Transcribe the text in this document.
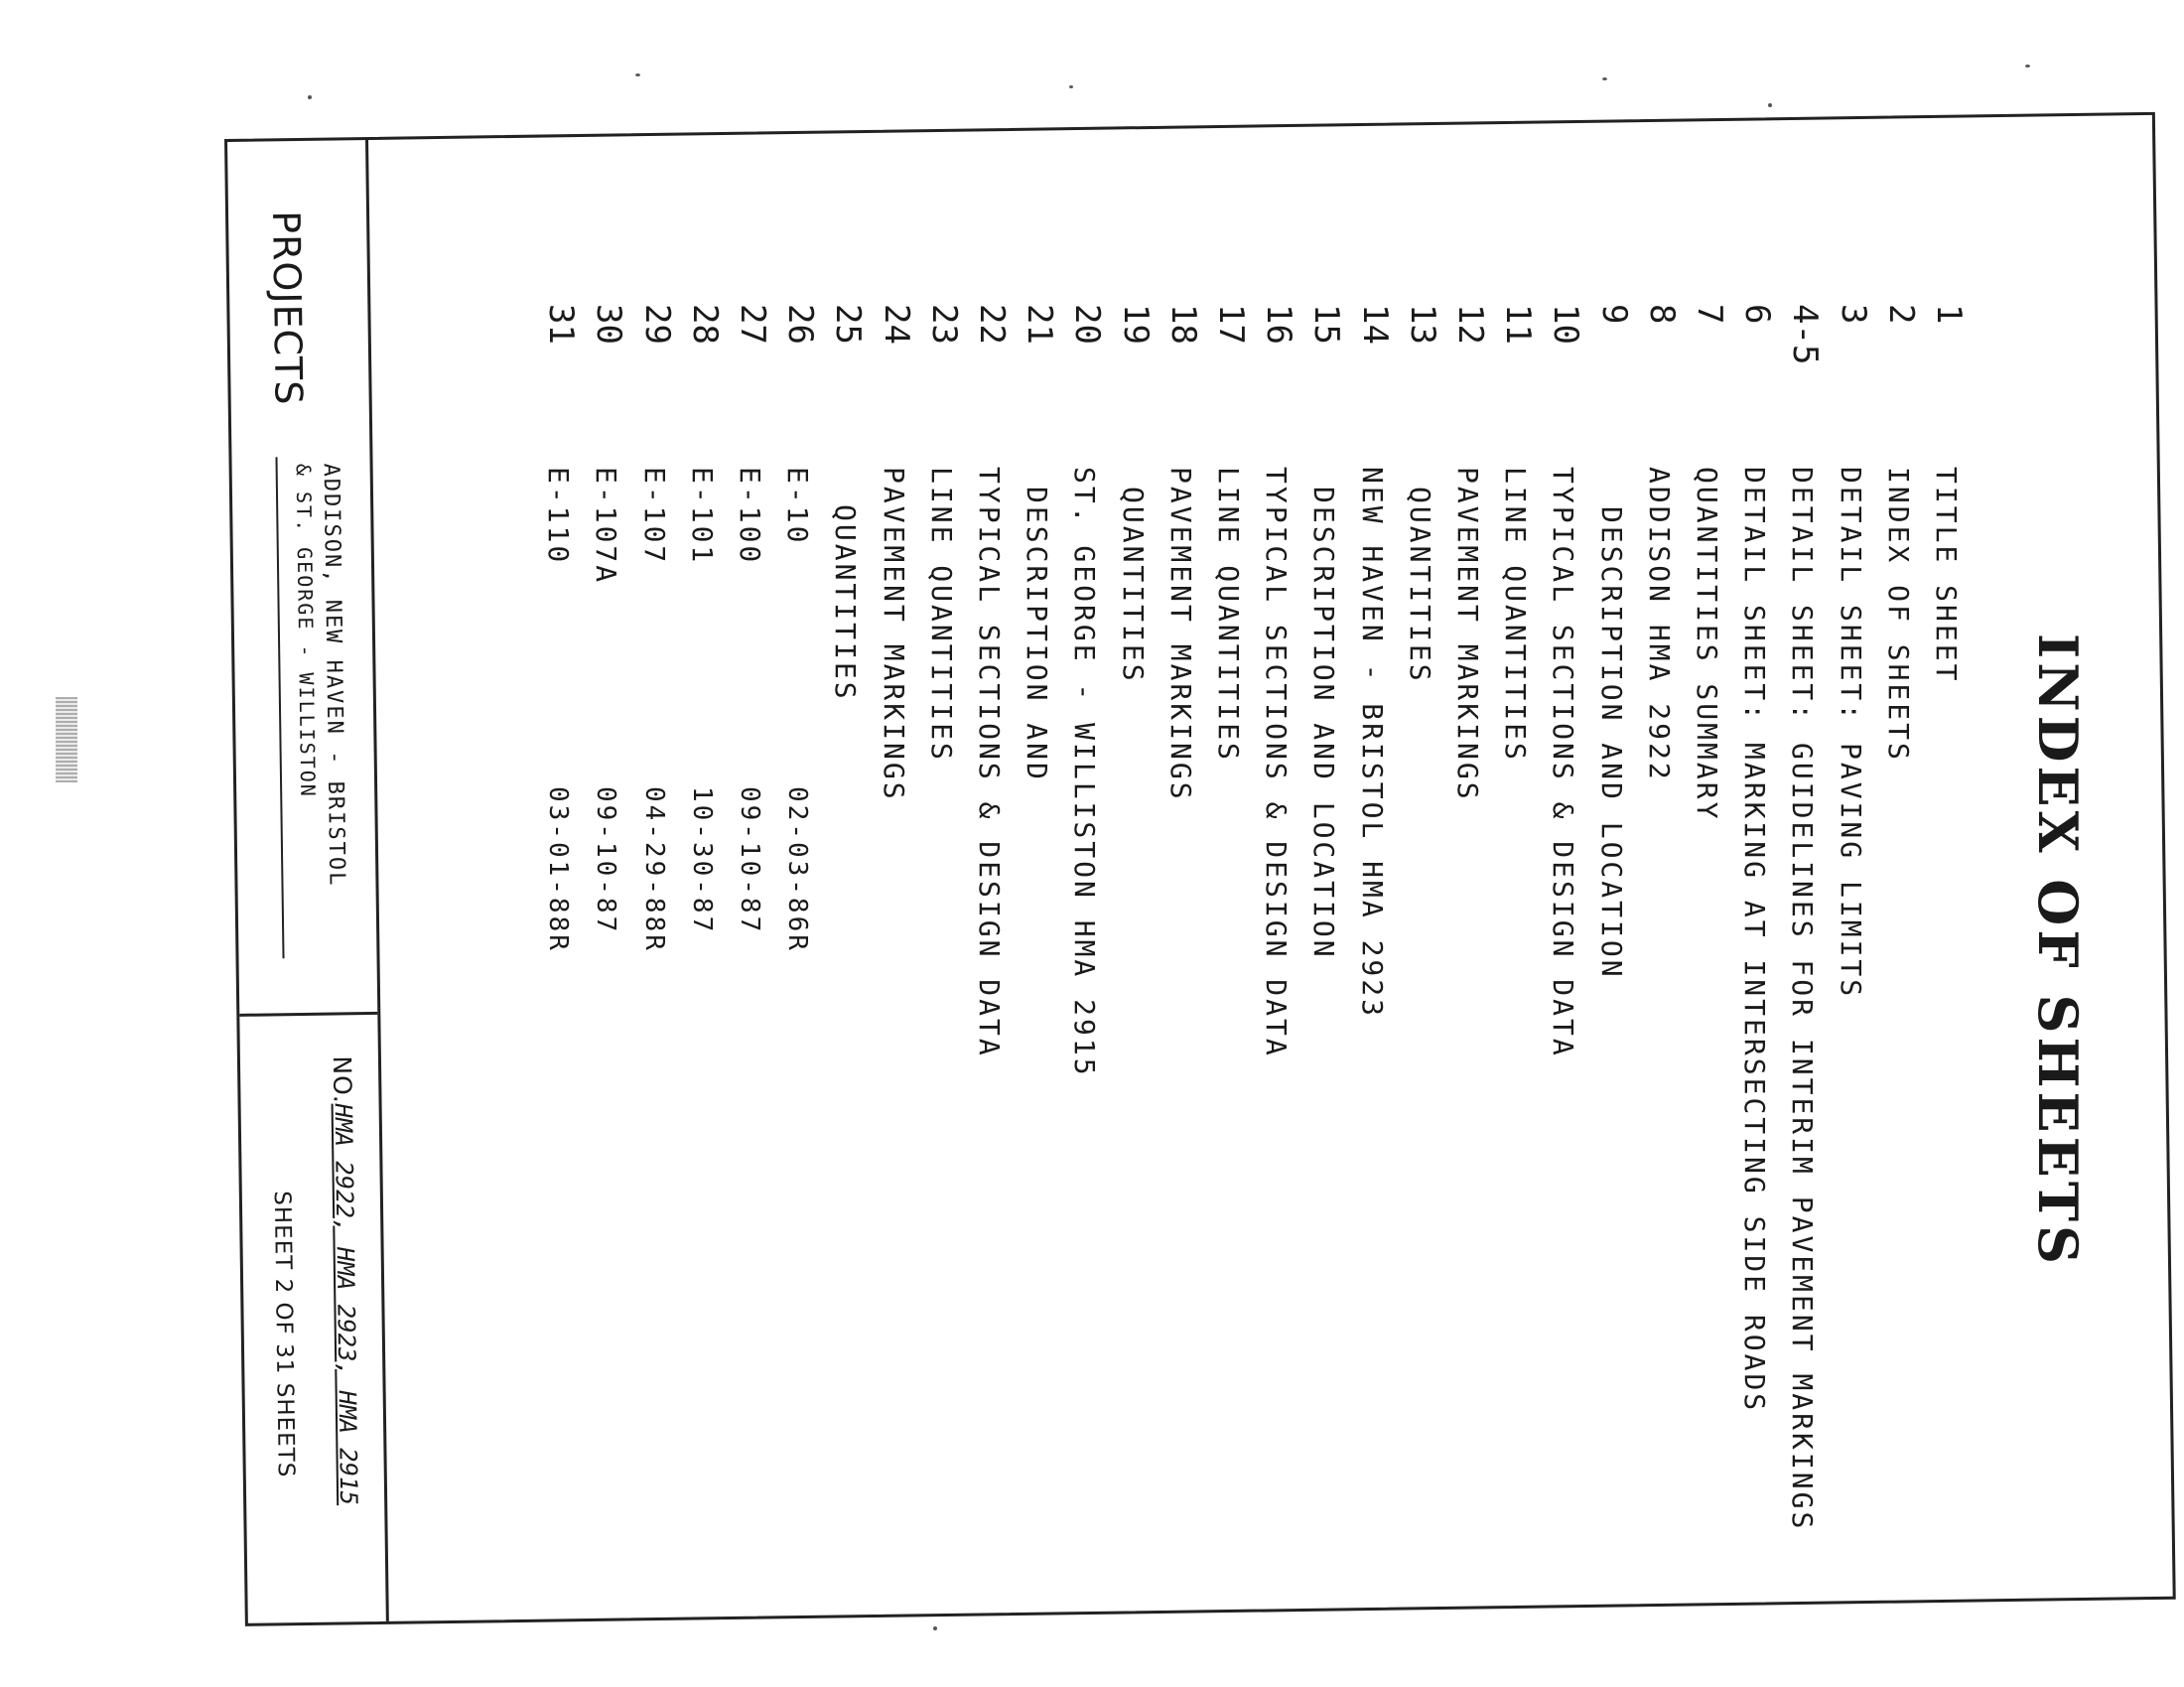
PROJECTS
ADDISON, NEW HAVEN - BRISTOL
& ST. GEORGE - WILLISTON
NO.
HMA 2922, HMA 2923, HMA 2915
SHEET 2 OF 31 SHEETS
INDEX OF SHEETS
1
TITLE SHEET
2
INDEX OF SHEETS
3
DETAIL SHEET: PAVING LIMITS
4-5
DETAIL SHEET: GUIDELINES FOR INTERIM PAVEMENT MARKINGS
6
DETAIL SHEET: MARKING AT INTERSECTING SIDE ROADS
7
QUANTITIES SUMMARY
8
ADDISON HMA 2922
9
DESCRIPTION AND LOCATION
10
TYPICAL SECTIONS & DESIGN DATA
11
LINE QUANTITIES
12
PAVEMENT MARKINGS
13
QUANTITIES
14
NEW HAVEN - BRISTOL HMA 2923
15
DESCRIPTION AND LOCATION
16
TYPICAL SECTIONS & DESIGN DATA
17
LINE QUANTITIES
18
PAVEMENT MARKINGS
19
QUANTITIES
20
ST. GEORGE - WILLISTON HMA 2915
21
DESCRIPTION AND
22
TYPICAL SECTIONS & DESIGN DATA
23
LINE QUANTITIES
24
PAVEMENT MARKINGS
25
QUANTITIES
26
E-10
02-03-86R
27
E-100
09-10-87
28
E-101
10-30-87
29
E-107
04-29-88R
30
E-107A
09-10-87
31
E-110
03-01-88R
